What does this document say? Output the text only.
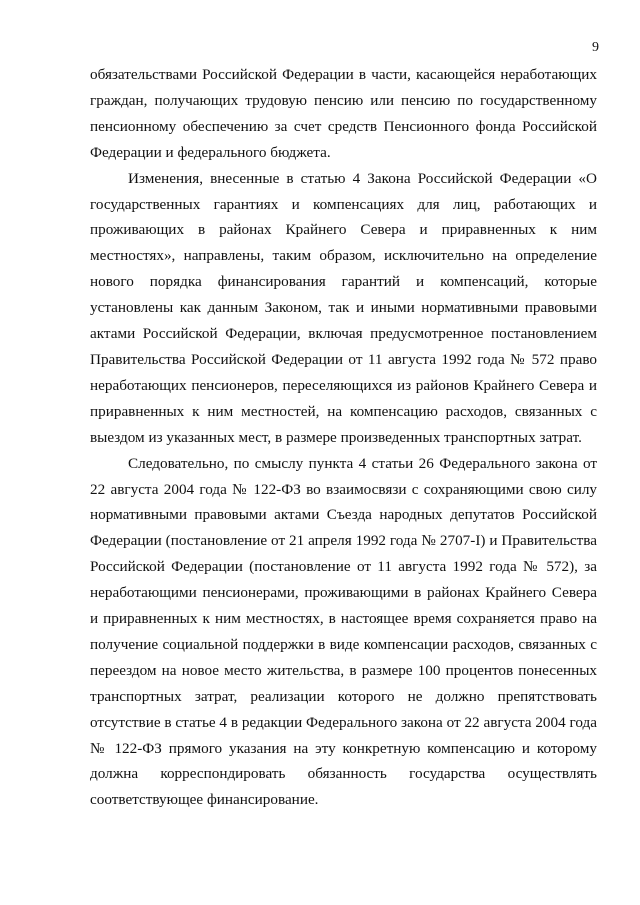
9

обязательствами Российской Федерации в части, касающейся неработающих граждан, получающих трудовую пенсию или пенсию по государственному пенсионному обеспечению за счет средств Пенсионного фонда Российской Федерации и федерального бюджета.

Изменения, внесенные в статью 4 Закона Российской Федерации «О государственных гарантиях и компенсациях для лиц, работающих и проживающих в районах Крайнего Севера и приравненных к ним местностях», направлены, таким образом, исключительно на определение нового порядка финансирования гарантий и компенсаций, которые установлены как данным Законом, так и иными нормативными правовыми актами Российской Федерации, включая предусмотренное постановлением Правительства Российской Федерации от 11 августа 1992 года № 572 право неработающих пенсионеров, переселяющихся из районов Крайнего Севера и приравненных к ним местностей, на компенсацию расходов, связанных с выездом из указанных мест, в размере произведенных транспортных затрат.

Следовательно, по смыслу пункта 4 статьи 26 Федерального закона от 22 августа 2004 года № 122-ФЗ во взаимосвязи с сохраняющими свою силу нормативными правовыми актами Съезда народных депутатов Российской Федерации (постановление от 21 апреля 1992 года № 2707-I) и Правительства Российской Федерации (постановление от 11 августа 1992 года № 572), за неработающими пенсионерами, проживающими в районах Крайнего Севера и приравненных к ним местностях, в настоящее время сохраняется право на получение социальной поддержки в виде компенсации расходов, связанных с переездом на новое место жительства, в размере 100 процентов понесенных транспортных затрат, реализации которого не должно препятствовать отсутствие в статье 4 в редакции Федерального закона от 22 августа 2004 года № 122-ФЗ прямого указания на эту конкретную компенсацию и которому должна корреспондировать обязанность государства осуществлять соответствующее финансирование.
